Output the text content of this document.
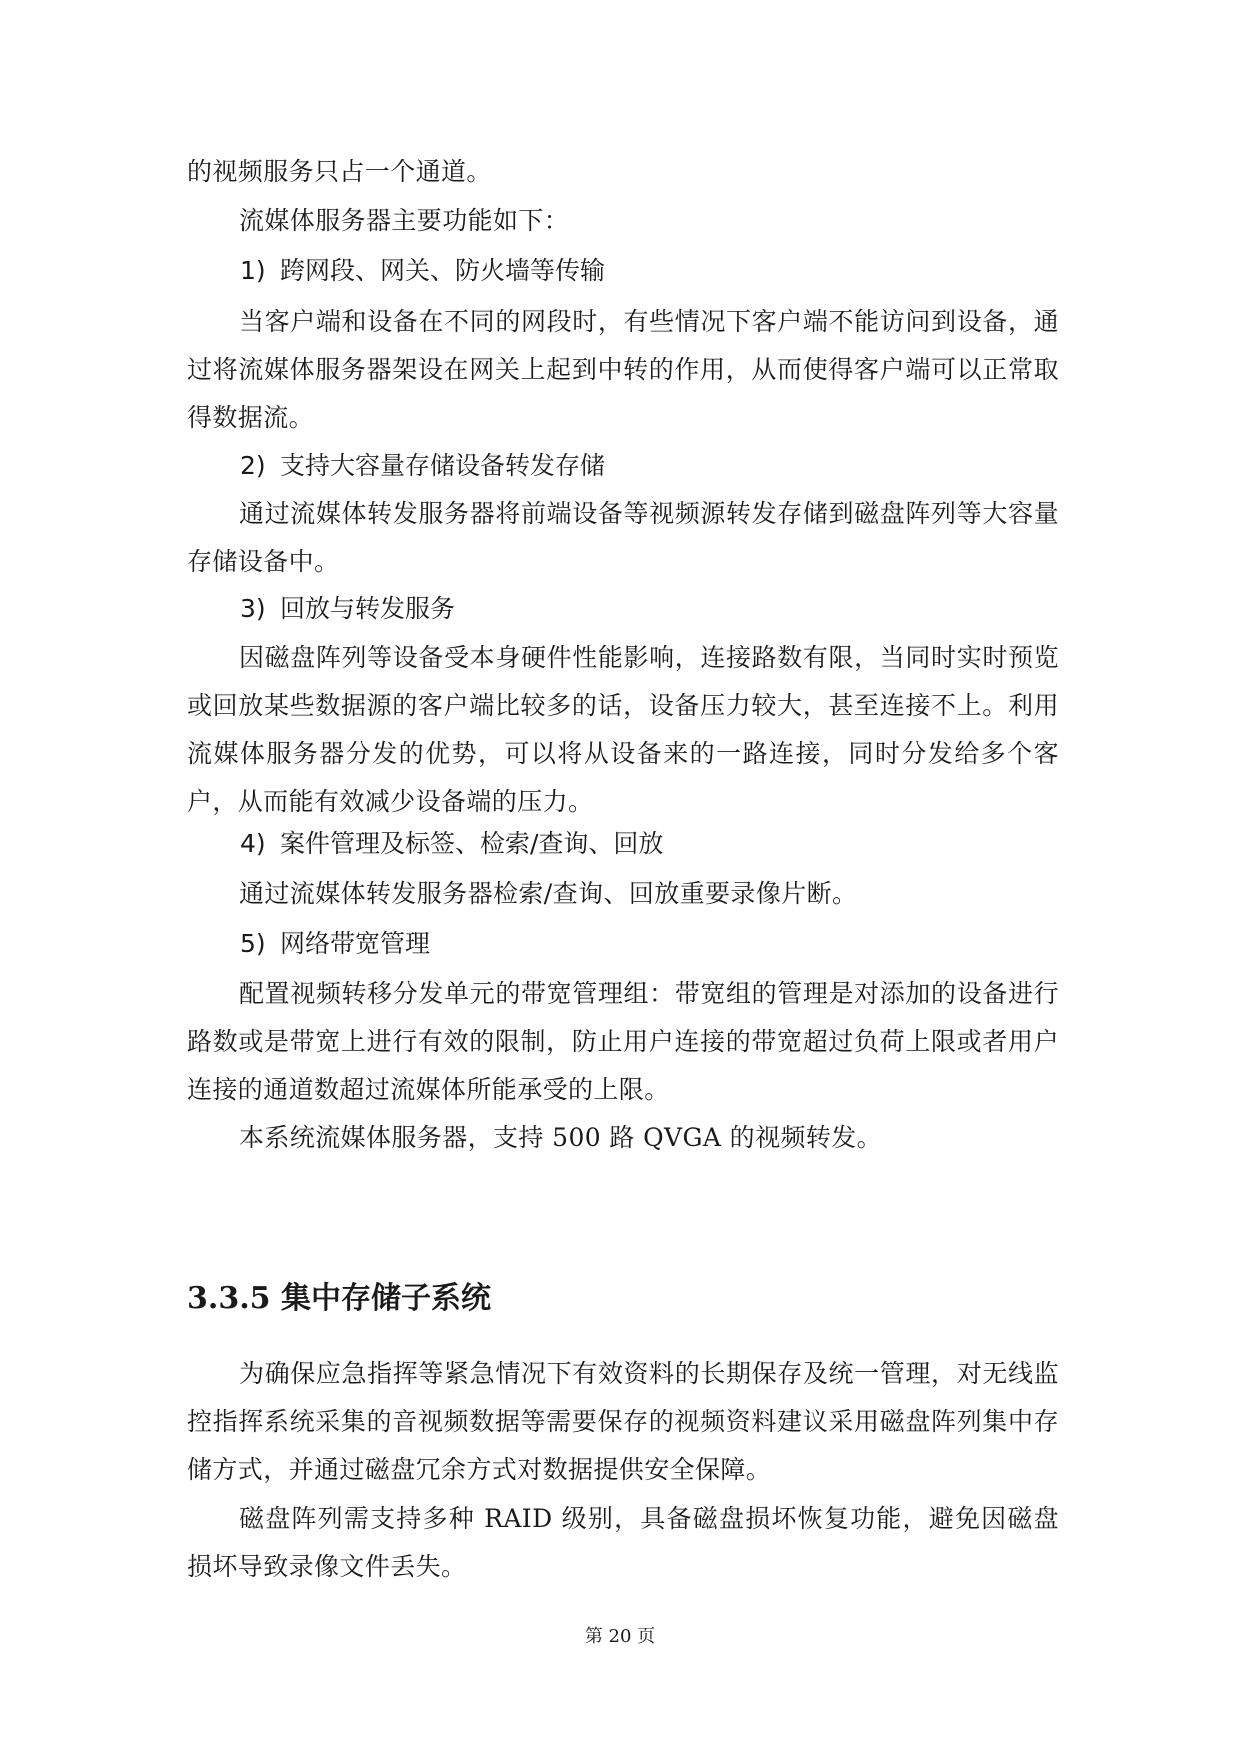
的视频服务只占一个通道。

流媒体服务器主要功能如下：

1) 跨网段、网关、防火墙等传输

当客户端和设备在不同的网段时，有些情况下客户端不能访问到设备，通过将流媒体服务器架设在网关上起到中转的作用，从而使得客户端可以正常取得数据流。

2) 支持大容量存储设备转发存储

通过流媒体转发服务器将前端设备等视频源转发存储到磁盘阵列等大容量存储设备中。

3) 回放与转发服务

因磁盘阵列等设备受本身硬件性能影响，连接路数有限，当同时实时预览或回放某些数据源的客户端比较多的话，设备压力较大，甚至连接不上。利用流媒体服务器分发的优势，可以将从设备来的一路连接，同时分发给多个客户，从而能有效减少设备端的压力。

4) 案件管理及标签、检索/查询、回放

通过流媒体转发服务器检索/查询、回放重要录像片断。

5) 网络带宽管理

配置视频转移分发单元的带宽管理组：带宽组的管理是对添加的设备进行路数或是带宽上进行有效的限制，防止用户连接的带宽超过负荷上限或者用户连接的通道数超过流媒体所能承受的上限。

本系统流媒体服务器，支持 500 路 QVGA 的视频转发。

3.3.5 集中存储子系统

为确保应急指挥等紧急情况下有效资料的长期保存及统一管理，对无线监控指挥系统采集的音视频数据等需要保存的视频资料建议采用磁盘阵列集中存储方式，并通过磁盘冗余方式对数据提供安全保障。

磁盘阵列需支持多种 RAID 级别，具备磁盘损坏恢复功能，避免因磁盘损坏导致录像文件丢失。

第 20 页
